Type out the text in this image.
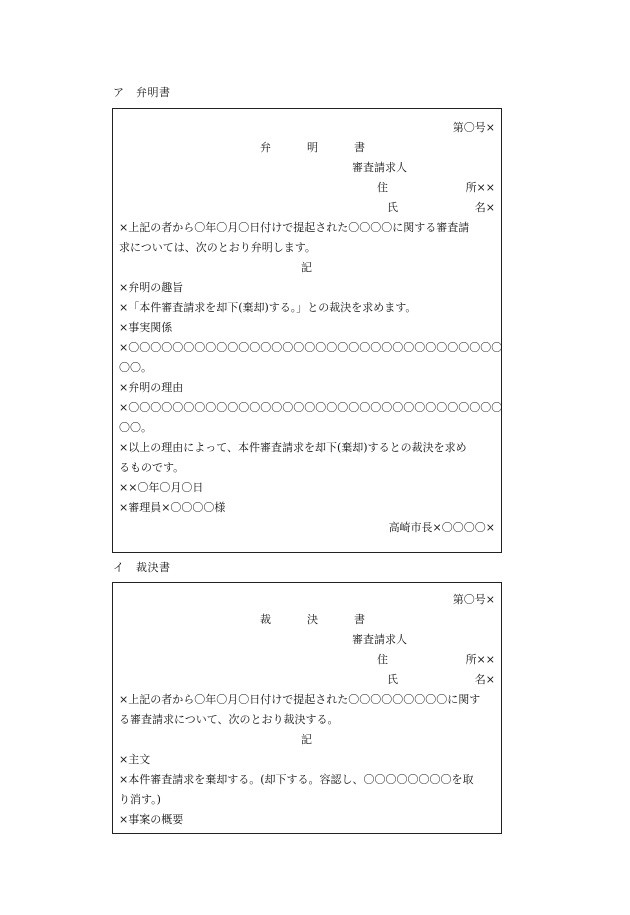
ア　弁明書
第〇号×
弁	明	書
審査請求人
住	所××
氏	名×
×上記の者から〇年〇月〇日付けで提起された〇〇〇〇に関する審査請
求については、次のとおり弁明します。
記
×弁明の趣旨
×「本件審査請求を却下(棄却)する。」との裁決を求めます。
×事実関係
×〇〇〇〇〇〇〇〇〇〇〇〇〇〇〇〇〇〇〇〇〇〇〇〇〇〇〇〇〇〇〇〇〇〇
〇〇。
×弁明の理由
×〇〇〇〇〇〇〇〇〇〇〇〇〇〇〇〇〇〇〇〇〇〇〇〇〇〇〇〇〇〇〇〇〇〇
〇〇。
×以上の理由によって、本件審査請求を却下(棄却)するとの裁決を求め
るものです。
××〇年〇月〇日
×審理員×〇〇〇〇様
高崎市長×〇〇〇〇×
イ　裁決書
第〇号×
裁	決	書
審査請求人
住	所××
氏	名×
×上記の者から〇年〇月〇日付けで提起された〇〇〇〇〇〇〇〇〇に関す
る審査請求について、次のとおり裁決する。
記
×主文
×本件審査請求を棄却する。(却下する。容認し、〇〇〇〇〇〇〇〇を取
り消す。)
×事案の概要
